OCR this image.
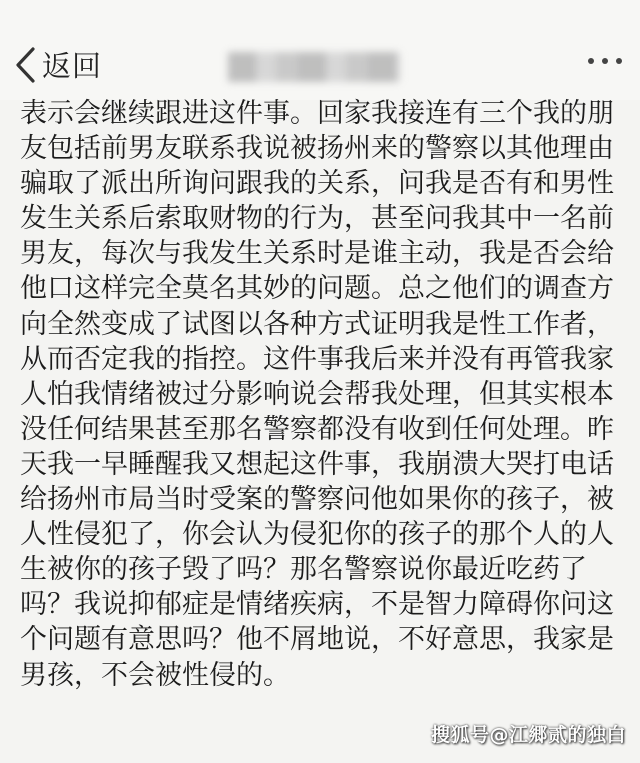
返回
表示会继续跟进这件事。回家我接连有三个我的朋
友包括前男友联系我说被扬州来的警察以其他理由
骗取了派出所询问跟我的关系，问我是否有和男性
发生关系后索取财物的行为，甚至问我其中一名前
男友，每次与我发生关系时是谁主动，我是否会给
他口这样完全莫名其妙的问题。总之他们的调查方
向全然变成了试图以各种方式证明我是性工作者，
从而否定我的指控。这件事我后来并没有再管我家
人怕我情绪被过分影响说会帮我处理，但其实根本
没任何结果甚至那名警察都没有收到任何处理。昨
天我一早睡醒我又想起这件事，我崩溃大哭打电话
给扬州市局当时受案的警察问他如果你的孩子，被
人性侵犯了，你会认为侵犯你的孩子的那个人的人
生被你的孩子毁了吗？那名警察说你最近吃药了
吗？我说抑郁症是情绪疾病，不是智力障碍你问这
个问题有意思吗？他不屑地说，不好意思，我家是
男孩，不会被性侵的。
搜狐号@江郷贰的独白
